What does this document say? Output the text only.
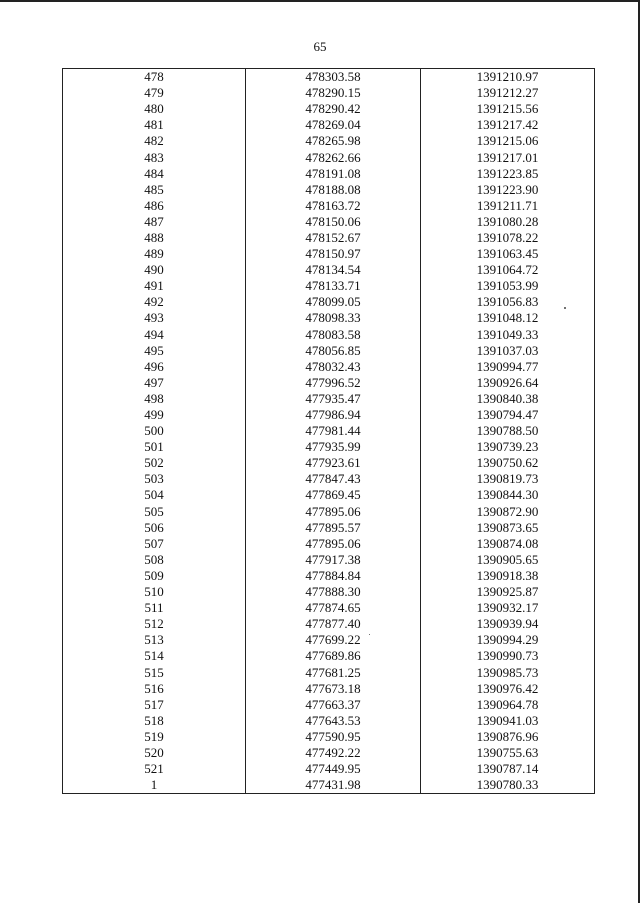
65
478	478303.58	1391210.97
479	478290.15	1391212.27
480	478290.42	1391215.56
481	478269.04	1391217.42
482	478265.98	1391215.06
483	478262.66	1391217.01
484	478191.08	1391223.85
485	478188.08	1391223.90
486	478163.72	1391211.71
487	478150.06	1391080.28
488	478152.67	1391078.22
489	478150.97	1391063.45
490	478134.54	1391064.72
491	478133.71	1391053.99
492	478099.05	1391056.83
493	478098.33	1391048.12
494	478083.58	1391049.33
495	478056.85	1391037.03
496	478032.43	1390994.77
497	477996.52	1390926.64
498	477935.47	1390840.38
499	477986.94	1390794.47
500	477981.44	1390788.50
501	477935.99	1390739.23
502	477923.61	1390750.62
503	477847.43	1390819.73
504	477869.45	1390844.30
505	477895.06	1390872.90
506	477895.57	1390873.65
507	477895.06	1390874.08
508	477917.38	1390905.65
509	477884.84	1390918.38
510	477888.30	1390925.87
511	477874.65	1390932.17
512	477877.40	1390939.94
513	477699.22	1390994.29
514	477689.86	1390990.73
515	477681.25	1390985.73
516	477673.18	1390976.42
517	477663.37	1390964.78
518	477643.53	1390941.03
519	477590.95	1390876.96
520	477492.22	1390755.63
521	477449.95	1390787.14
1	477431.98	1390780.33
